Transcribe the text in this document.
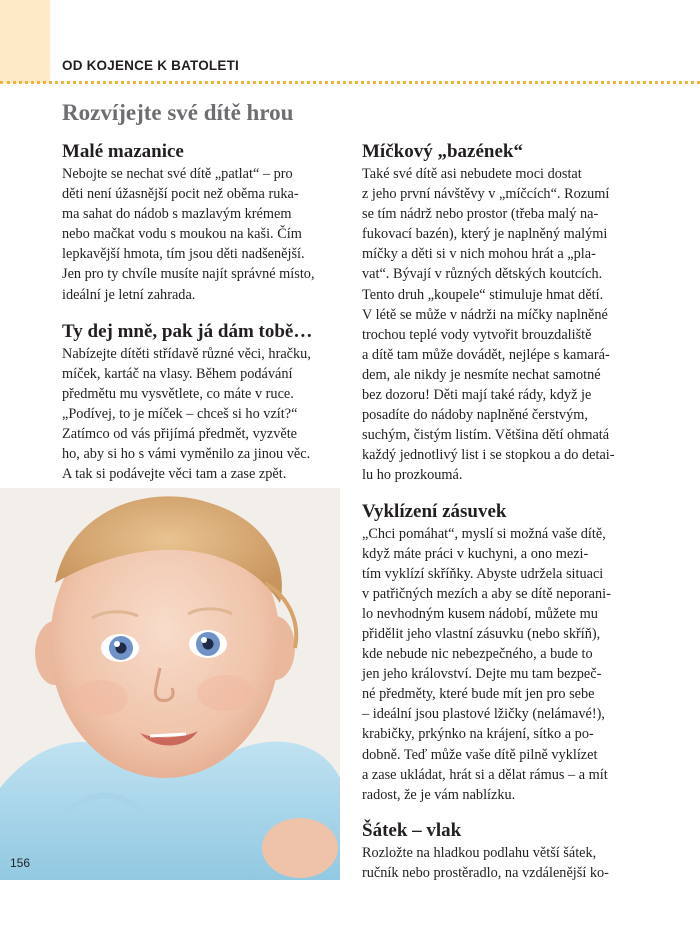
OD KOJENCE K BATOLETI
Rozvíjejte své dítě hrou
Malé mazanice

Nebojte se nechat své dítě „patlat“ – pro
děti není úžasnější pocit než oběma ruka-
ma sahat do nádob s mazlavým krémem
nebo mačkat vodu s moukou na kaši. Čím
lepkavější hmota, tím jsou děti nadšenější.
Jen pro ty chvíle musíte najít správné místo,
ideální je letní zahrada.

Ty dej mně, pak já dám tobě…

Nabízejte dítěti střídavě různé věci, hračku,
míček, kartáč na vlasy. Během podávání
předmětu mu vysvětlete, co máte v ruce.
„Podívej, to je míček – chceš si ho vzít?“
Zatímco od vás přijímá předmět, vyzvěte
ho, aby si ho s vámi vyměnilo za jinou věc.
A tak si podávejte věci tam a zase zpět.

Míčkový „bazének“

Také své dítě asi nebudete moci dostat
z jeho první návštěvy v „míčcích“. Rozumí
se tím nádrž nebo prostor (třeba malý na-
fukovací bazén), který je naplněný malými
míčky a děti si v nich mohou hrát a „pla-
vat“. Bývají v různých dětských koutcích.
Tento druh „koupele“ stimuluje hmat dětí.
V létě se může v nádrži na míčky naplněné
trochou teplé vody vytvořit brouzdaliště
a dítě tam může dovádět, nejlépe s kamará-
dem, ale nikdy je nesmíte nechat samotné
bez dozoru! Děti mají také rády, když je
posadíte do nádoby naplněné čerstvým,
suchým, čistým listím. Většina dětí ohmatá
každý jednotlivý list i se stopkou a do detai-
lu ho prozkoumá.

Vyklízení zásuvek

„Chci pomáhat“, myslí si možná vaše dítě,
když máte práci v kuchyni, a ono mezi-
tím vyklízí skříňky. Abyste udržela situaci
v patřičných mezích a aby se dítě neporani-
lo nevhodným kusem nádobí, můžete mu
přidělit jeho vlastní zásuvku (nebo skříň),
kde nebude nic nebezpečného, a bude to
jen jeho království. Dejte mu tam bezpeč-
né předměty, které bude mít jen pro sebe
– ideální jsou plastové lžičky (nelámavé!),
krabičky, prkýnko na krájení, sítko a po-
dobně. Teď může vaše dítě pilně vyklízet
a zase ukládat, hrát si a dělat rámus – a mít
radost, že je vám nablízku.

Šátek – vlak

Rozložte na hladkou podlahu větší šátek,
ručník nebo prostěradlo, na vzdálenější ko-

156
